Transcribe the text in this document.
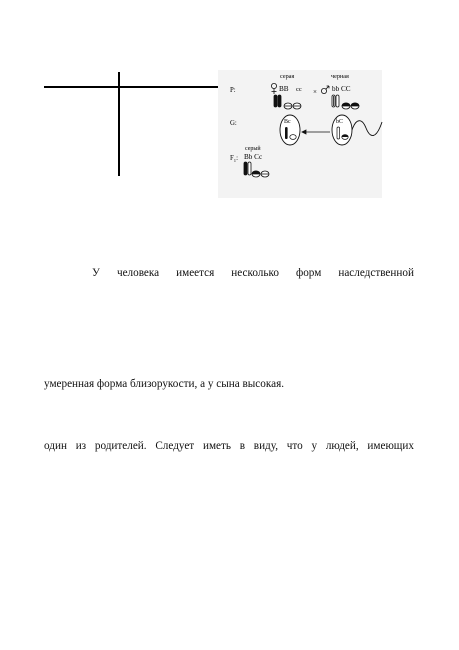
серая	черная
P:	BB cc × bb CC
G:	Bc	bC
серый
$F_1$: Bb Cc
У человека имеется несколько форм наследственной
умеренная форма близорукости, а у сына высокая.
один из родителей. Следует иметь в виду, что у людей, имеющих
